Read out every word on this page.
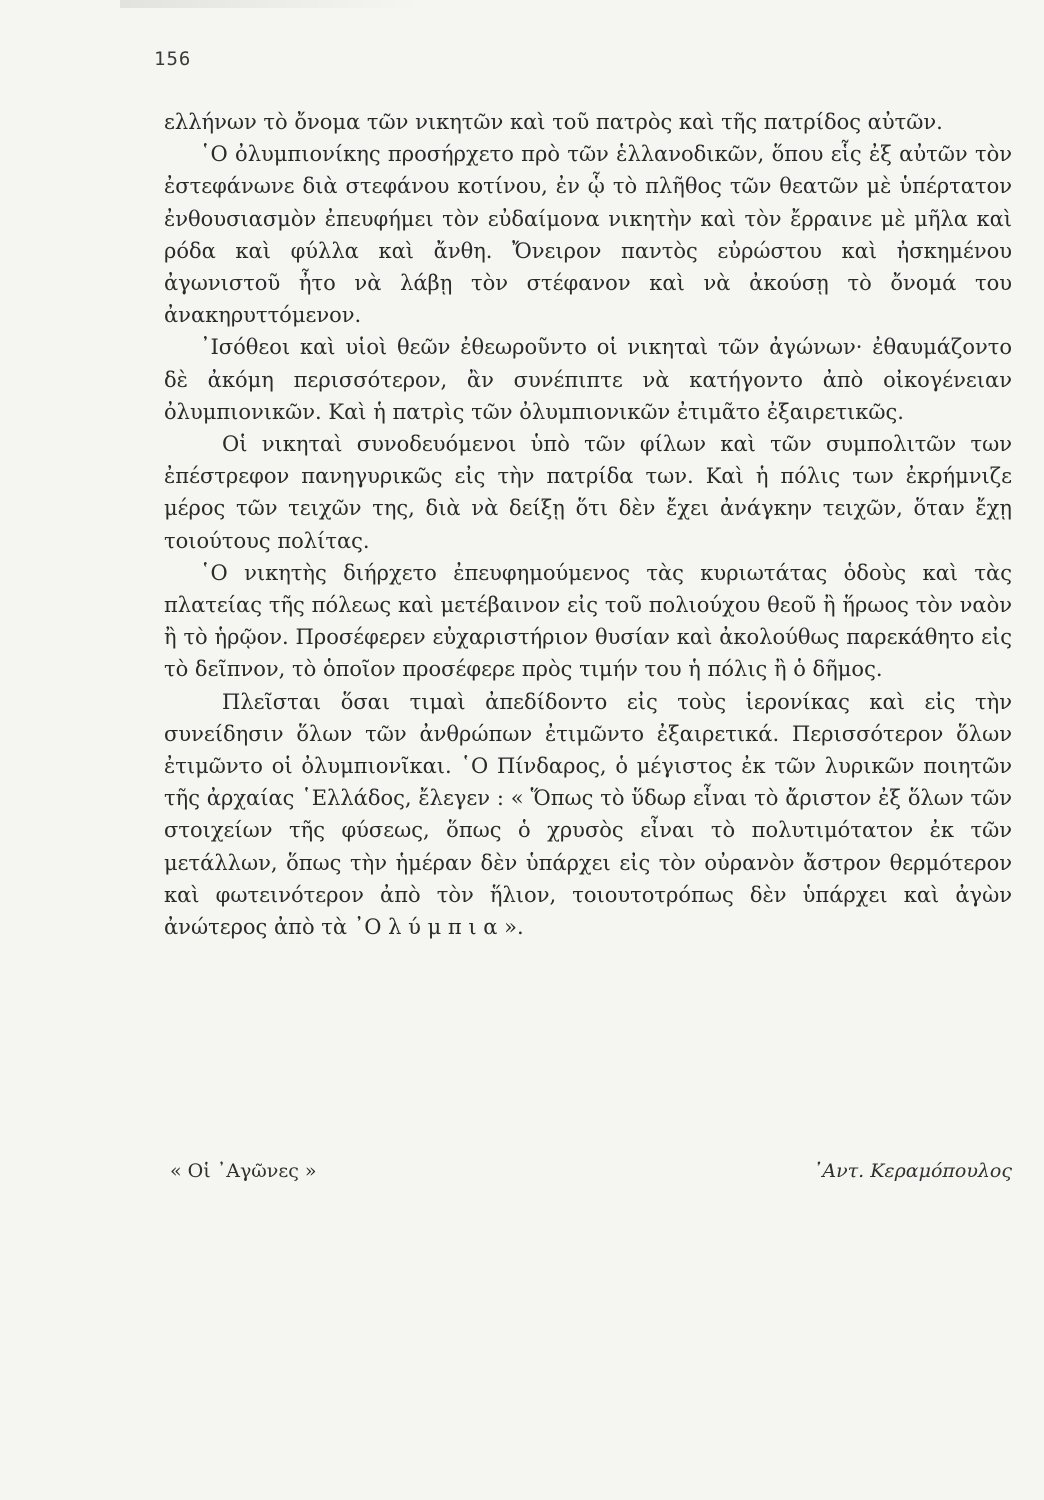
156

ελλήνων τὸ ὄνομα τῶν νικητῶν καὶ τοῦ πατρὸς καὶ τῆς πατρίδος αὐτῶν.

῾Ο ὀλυμπιονίκης προσήρχετο πρὸ τῶν ἑλλανοδικῶν, ὅπου εἷς ἐξ αὐτῶν τὸν ἐστεφάνωνε διὰ στεφάνου κοτίνου, ἐν ᾧ τὸ πλῆθος τῶν θεατῶν μὲ ὑπέρτατον ἐνθουσιασμὸν ἐπευφήμει τὸν εὐδαίμονα νικητὴν καὶ τὸν ἔρραινε μὲ μῆλα καὶ ρόδα καὶ φύλλα καὶ ἄνθη. Ὄνειρον παντὸς εὐρώστου καὶ ἠσκημένου ἀγωνιστοῦ ἦτο νὰ λάβῃ τὸν στέφανον καὶ νὰ ἀκούσῃ τὸ ὄνομά του ἀνακηρυττόμενον.

᾿Ισόθεοι καὶ υἱοὶ θεῶν ἐθεωροῦντο οἱ νικηταὶ τῶν ἀγώνων· ἐθαυμάζοντο δὲ ἀκόμη περισσότερον, ἂν συνέπιπτε νὰ κατήγοντο ἀπὸ οἰκογένειαν ὀλυμπιονικῶν. Καὶ ἡ πατρὶς τῶν ὀλυμπιονικῶν ἐτιμᾶτο ἐξαιρετικῶς.

Οἱ νικηταὶ συνοδευόμενοι ὑπὸ τῶν φίλων καὶ τῶν συμπολιτῶν των ἐπέστρεφον πανηγυρικῶς εἰς τὴν πατρίδα των. Καὶ ἡ πόλις των ἐκρήμνιζε μέρος τῶν τειχῶν της, διὰ νὰ δείξῃ ὅτι δὲν ἔχει ἀνάγκην τειχῶν, ὅταν ἔχῃ τοιούτους πολίτας.

῾Ο νικητὴς διήρχετο ἐπευφημούμενος τὰς κυριωτάτας ὁδοὺς καὶ τὰς πλατείας τῆς πόλεως καὶ μετέβαινον εἰς τοῦ πολιούχου θεοῦ ἢ ἥρωος τὸν ναὸν ἢ τὸ ἡρῷον. Προσέφερεν εὐχαριστήριον θυσίαν καὶ ἀκολούθως παρεκάθητο εἰς τὸ δεῖπνον, τὸ ὁποῖον προσέφερε πρὸς τιμήν του ἡ πόλις ἢ ὁ δῆμος.

Πλεῖσται ὅσαι τιμαὶ ἀπεδίδοντο εἰς τοὺς ἱερονίκας καὶ εἰς τὴν συνείδησιν ὅλων τῶν ἀνθρώπων ἐτιμῶντο ἐξαιρετικά. Περισσότερον ὅλων ἐτιμῶντο οἱ ὀλυμπιονῖκαι. ῾Ο Πίνδαρος, ὁ μέγιστος ἐκ τῶν λυρικῶν ποιητῶν τῆς ἀρχαίας ῾Ελλάδος, ἔλεγεν : « Ὅπως τὸ ὕδωρ εἶναι τὸ ἄριστον ἐξ ὅλων τῶν στοιχείων τῆς φύσεως, ὅπως ὁ χρυσὸς εἶναι τὸ πολυτιμότατον ἐκ τῶν μετάλλων, ὅπως τὴν ἡμέραν δὲν ὑπάρχει εἰς τὸν οὐρανὸν ἄστρον θερμότερον καὶ φωτεινότερον ἀπὸ τὸν ἥλιον, τοιουτοτρόπως δὲν ὑπάρχει καὶ ἀγὼν ἀνώτερος ἀπὸ τὰ ᾿Ο λ ύ μ π ι α ».

« Οἱ ᾿Αγῶνες »	᾿Αντ. Κεραμόπουλος
